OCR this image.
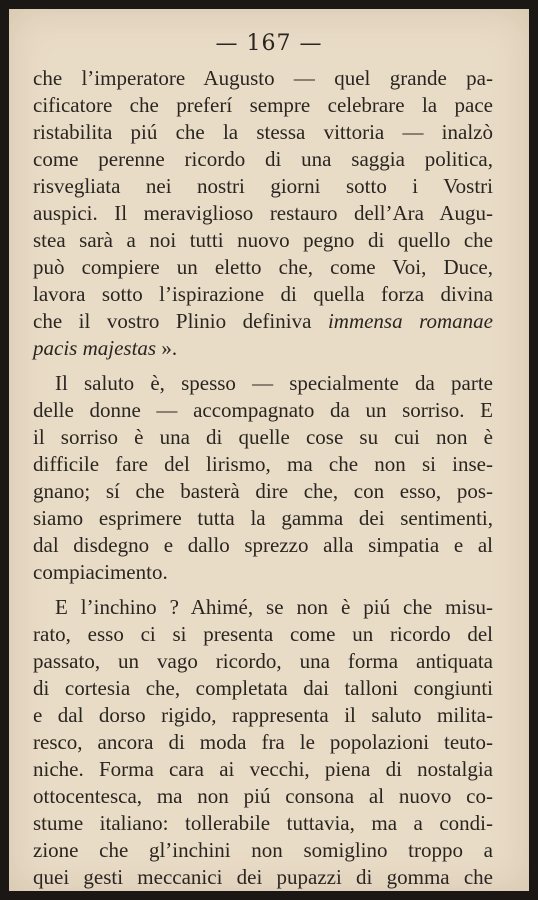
— 167 —
che l’imperatore Augusto — quel grande pa-
cificatore che preferí sempre celebrare la pace
ristabilita piú che la stessa vittoria — inalzò
come perenne ricordo di una saggia politica,
risvegliata nei nostri giorni sotto i Vostri
auspici. Il meraviglioso restauro dell’Ara Augu-
stea sarà a noi tutti nuovo pegno di quello che
può compiere un eletto che, come Voi, Duce,
lavora sotto l’ispirazione di quella forza divina
che il vostro Plinio definiva immensa romanae
pacis majestas ».
Il saluto è, spesso — specialmente da parte
delle donne — accompagnato da un sorriso. E
il sorriso è una di quelle cose su cui non è
difficile fare del lirismo, ma che non si inse-
gnano; sí che basterà dire che, con esso, pos-
siamo esprimere tutta la gamma dei sentimenti,
dal disdegno e dallo sprezzo alla simpatia e al
compiacimento.
E l’inchino ? Ahimé, se non è piú che misu-
rato, esso ci si presenta come un ricordo del
passato, un vago ricordo, una forma antiquata
di cortesia che, completata dai talloni congiunti
e dal dorso rigido, rappresenta il saluto milita-
resco, ancora di moda fra le popolazioni teuto-
niche. Forma cara ai vecchi, piena di nostalgia
ottocentesca, ma non piú consona al nuovo co-
stume italiano: tollerabile tuttavia, ma a condi-
zione che gl’inchini non somiglino troppo a
quei gesti meccanici dei pupazzi di gomma che
